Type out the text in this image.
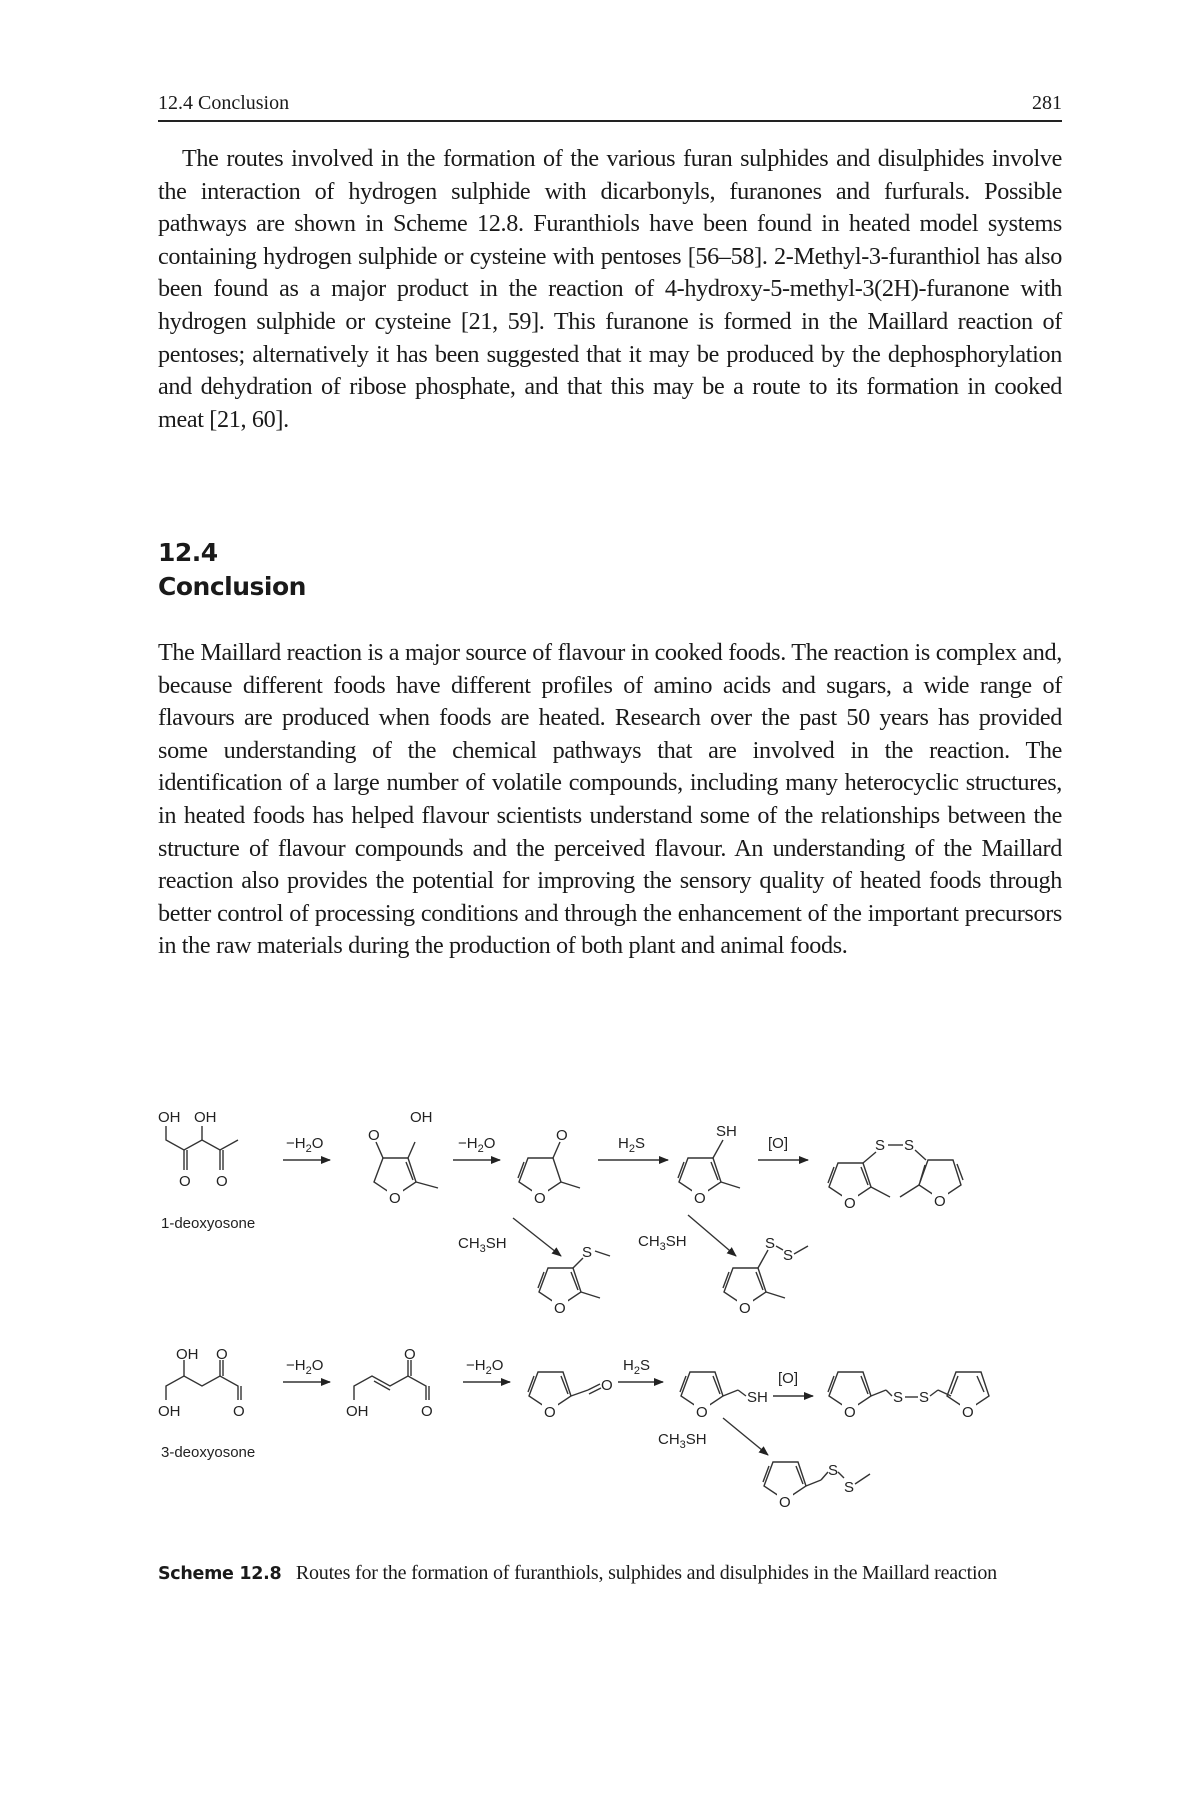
12.4 Conclusion	281

The routes involved in the formation of the various furan sulphides and disulphides involve the interaction of hydrogen sulphide with dicarbonyls, furanones and furfurals. Possible pathways are shown in Scheme 12.8. Furanthiols have been found in heated model systems containing hydrogen sulphide or cysteine with pentoses [56–58]. 2-Methyl-3-furanthiol has also been found as a major product in the reaction of 4-hydroxy-5-methyl-3(2H)-furanone with hydrogen sulphide or cysteine [21, 59]. This furanone is formed in the Maillard reaction of pentoses; alternatively it has been suggested that it may be produced by the dephosphorylation and dehydration of ribose phosphate, and that this may be a route to its formation in cooked meat [21, 60].

12.4
Conclusion

The Maillard reaction is a major source of flavour in cooked foods. The reaction is complex and, because different foods have different profiles of amino acids and sugars, a wide range of flavours are produced when foods are heated. Research over the past 50 years has provided some understanding of the chemical pathways that are involved in the reaction. The identification of a large number of volatile compounds, including many heterocyclic structures, in heated foods has helped flavour scientists understand some of the relationships between the structure of flavour compounds and the perceived flavour. An understanding of the Maillard reaction also provides the potential for improving the sensory quality of heated foods through better control of processing conditions and through the enhancement of the important precursors in the raw materials during the production of both plant and animal foods.

OH OH
O O
1-deoxyosone
$-H_2O$
O
O
OH
$-H_2O$
O
O	$H_2S$
O
SH
[O]
O
S S
O
$CH_3SH$	$CH_3SH$
O
S
O
S
S
OH
OH O
O
3-deoxyosone
$-H_2O$
OH
O
O
$-H_2O$
O
O
$H_2S$
O
SH
[O]
O
S S
O
$CH_3SH$
O
S
S
Scheme 12.8 Routes for the formation of furanthiols, sulphides and disulphides in the Maillard reaction
